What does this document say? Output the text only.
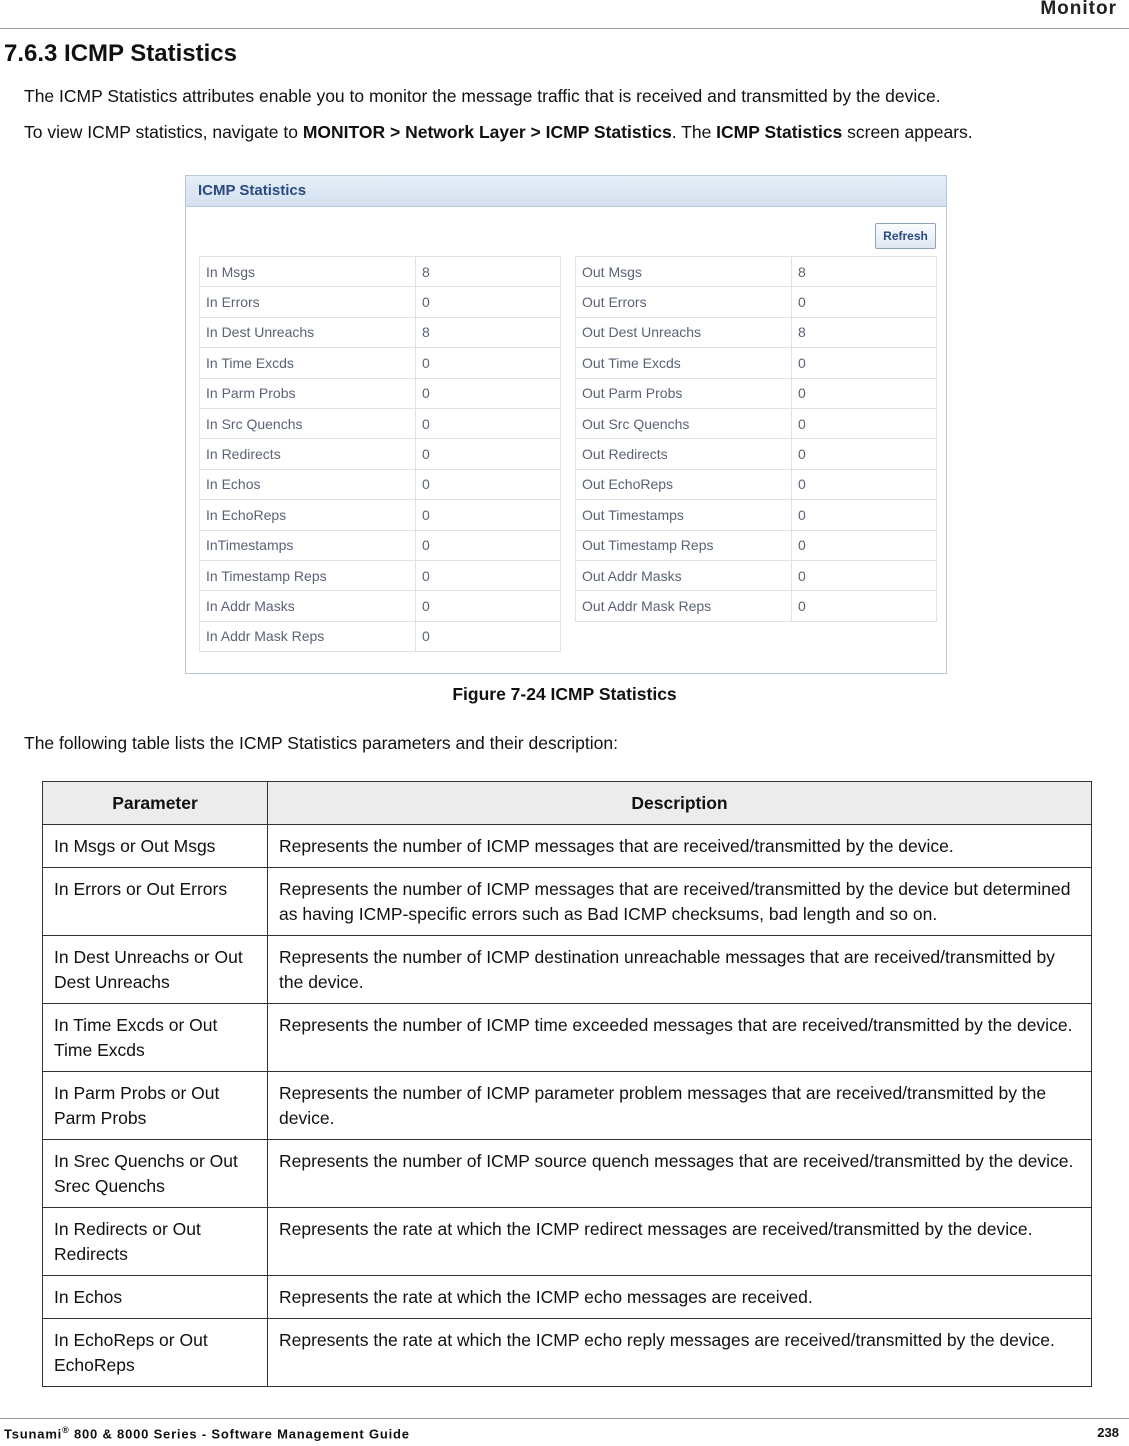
Monitor
7.6.3 ICMP Statistics
The ICMP Statistics attributes enable you to monitor the message traffic that is received and transmitted by the device.
To view ICMP statistics, navigate to MONITOR > Network Layer > ICMP Statistics. The ICMP Statistics screen appears.
ICMP Statistics
Refresh
In Msgs	8
In Errors	0
In Dest Unreachs	8
In Time Excds	0
In Parm Probs	0
In Src Quenchs	0
In Redirects	0
In Echos	0
In EchoReps	0
InTimestamps	0
In Timestamp Reps	0
In Addr Masks	0
In Addr Mask Reps	0
Out Msgs	8
Out Errors	0
Out Dest Unreachs	8
Out Time Excds	0
Out Parm Probs	0
Out Src Quenchs	0
Out Redirects	0
Out EchoReps	0
Out Timestamps	0
Out Timestamp Reps	0
Out Addr Masks	0
Out Addr Mask Reps	0
Figure 7-24 ICMP Statistics
The following table lists the ICMP Statistics parameters and their description:
Parameter	Description
In Msgs or Out Msgs	Represents the number of ICMP messages that are received/transmitted by the device.
In Errors or Out Errors	Represents the number of ICMP messages that are received/transmitted by the device but determined as having ICMP-specific errors such as Bad ICMP checksums, bad length and so on.
In Dest Unreachs or Out Dest Unreachs	Represents the number of ICMP destination unreachable messages that are received/transmitted by the device.
In Time Excds or Out Time Excds	Represents the number of ICMP time exceeded messages that are received/transmitted by the device.
In Parm Probs or Out Parm Probs	Represents the number of ICMP parameter problem messages that are received/transmitted by the device.
In Srec Quenchs or Out Srec Quenchs	Represents the number of ICMP source quench messages that are received/transmitted by the device.
In Redirects or Out Redirects	Represents the rate at which the ICMP redirect messages are received/transmitted by the device.
In Echos	Represents the rate at which the ICMP echo messages are received.
In EchoReps or Out EchoReps	Represents the rate at which the ICMP echo reply messages are received/transmitted by the device.
Tsunami® 800 & 8000 Series - Software Management Guide	238
